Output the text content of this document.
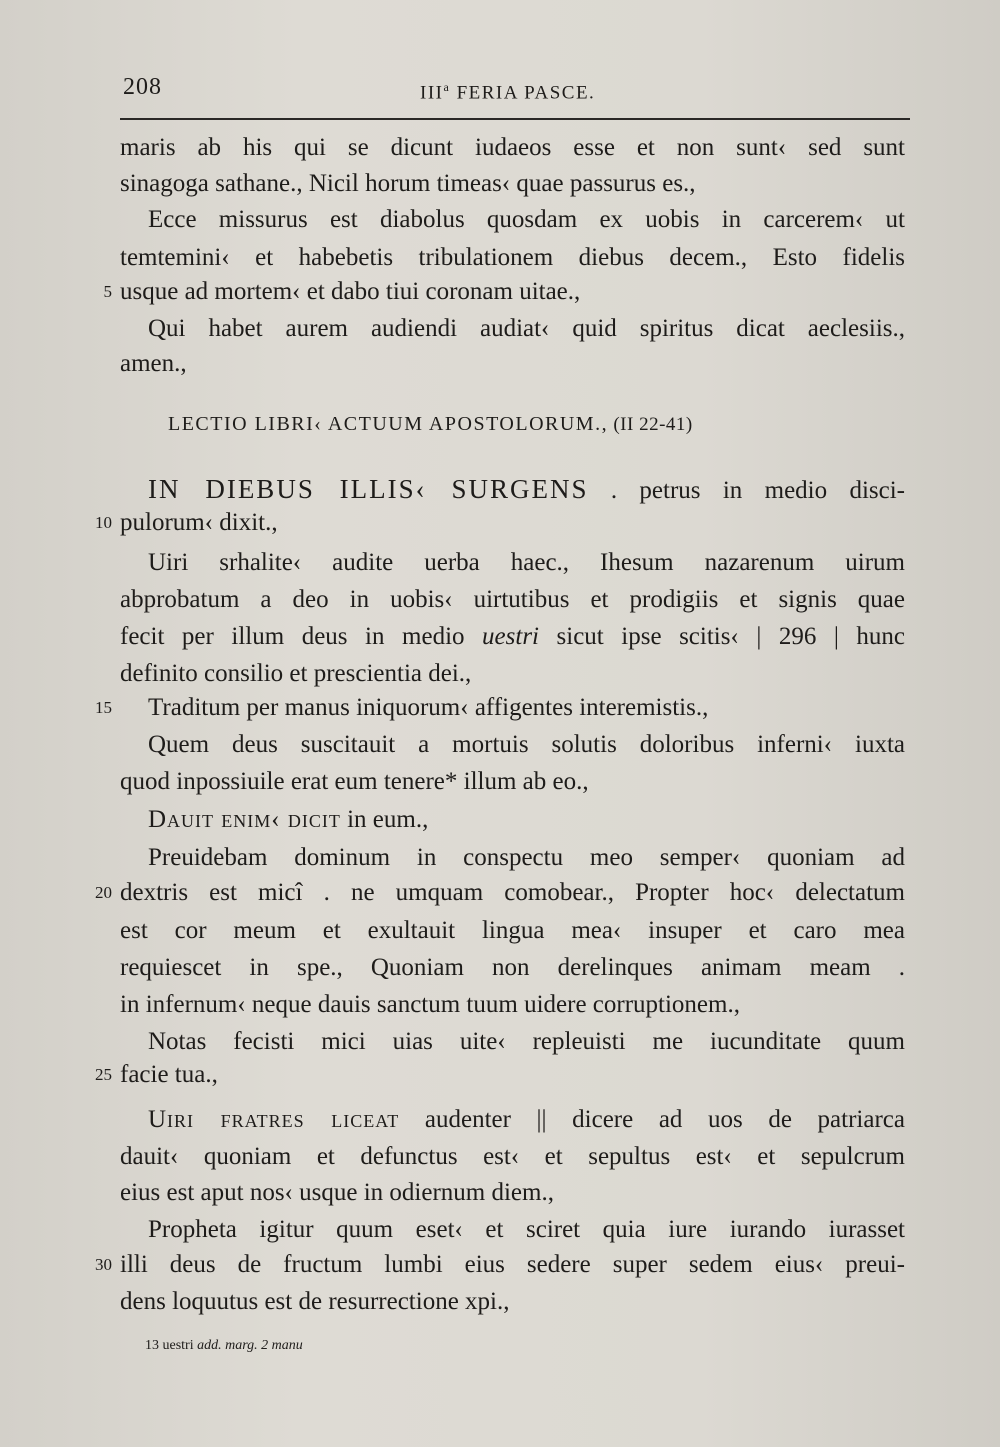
208	III$^a$ FERIA PASCE.
maris ab his qui se dicunt iudaeos esse et non sunt‹ sed sunt
sinagoga sathane., Nicil horum timeas‹ quae passurus es.,
Ecce missurus est diabolus quosdam ex uobis in carcerem‹ ut
temtemini‹ et habebetis tribulationem diebus decem., Esto fidelis
5 usque ad mortem‹ et dabo tiui coronam uitae.,
Qui habet aurem audiendi audiat‹ quid spiritus dicat aeclesiis.,
amen.,
LECTIO LIBRI‹ ACTUUM APOSTOLORUM., (II 22-41)
IN DIEBUS ILLIS‹ SURGENS . petrus in medio disci-
10 pulorum‹ dixit.,
Uiri srhalite‹ audite uerba haec., Ihesum nazarenum uirum
abprobatum a deo in uobis‹ uirtutibus et prodigiis et signis quae
fecit per illum deus in medio uestri sicut ipse scitis‹ | 296 | hunc
definito consilio et prescientia dei.,
15 Traditum per manus iniquorum‹ affigentes interemistis.,
Quem deus suscitauit a mortuis solutis doloribus inferni‹ iuxta
quod inpossiuile erat eum tenere* illum ab eo.,
Dauit enim‹ dicit in eum.,
Preuidebam dominum in conspectu meo semper‹ quoniam ad
20 dextris est micî . ne umquam comobear., Propter hoc‹ delectatum
est cor meum et exultauit lingua mea‹ insuper et caro mea
requiescet in spe., Quoniam non derelinques animam meam .
in infernum‹ neque dauis sanctum tuum uidere corruptionem.,
Notas fecisti mici uias uite‹ repleuisti me iucunditate quum
25 facie tua.,
Uiri fratres liceat audenter || dicere ad uos de patriarca
dauit‹ quoniam et defunctus est‹ et sepultus est‹ et sepulcrum
eius est aput nos‹ usque in odiernum diem.,
Propheta igitur quum eset‹ et sciret quia iure iurando iurasset
30 illi deus de fructum lumbi eius sedere super sedem eius‹ preui-
dens loquutus est de resurrectione xpi.,
13 uestri add. marg. 2 manu
